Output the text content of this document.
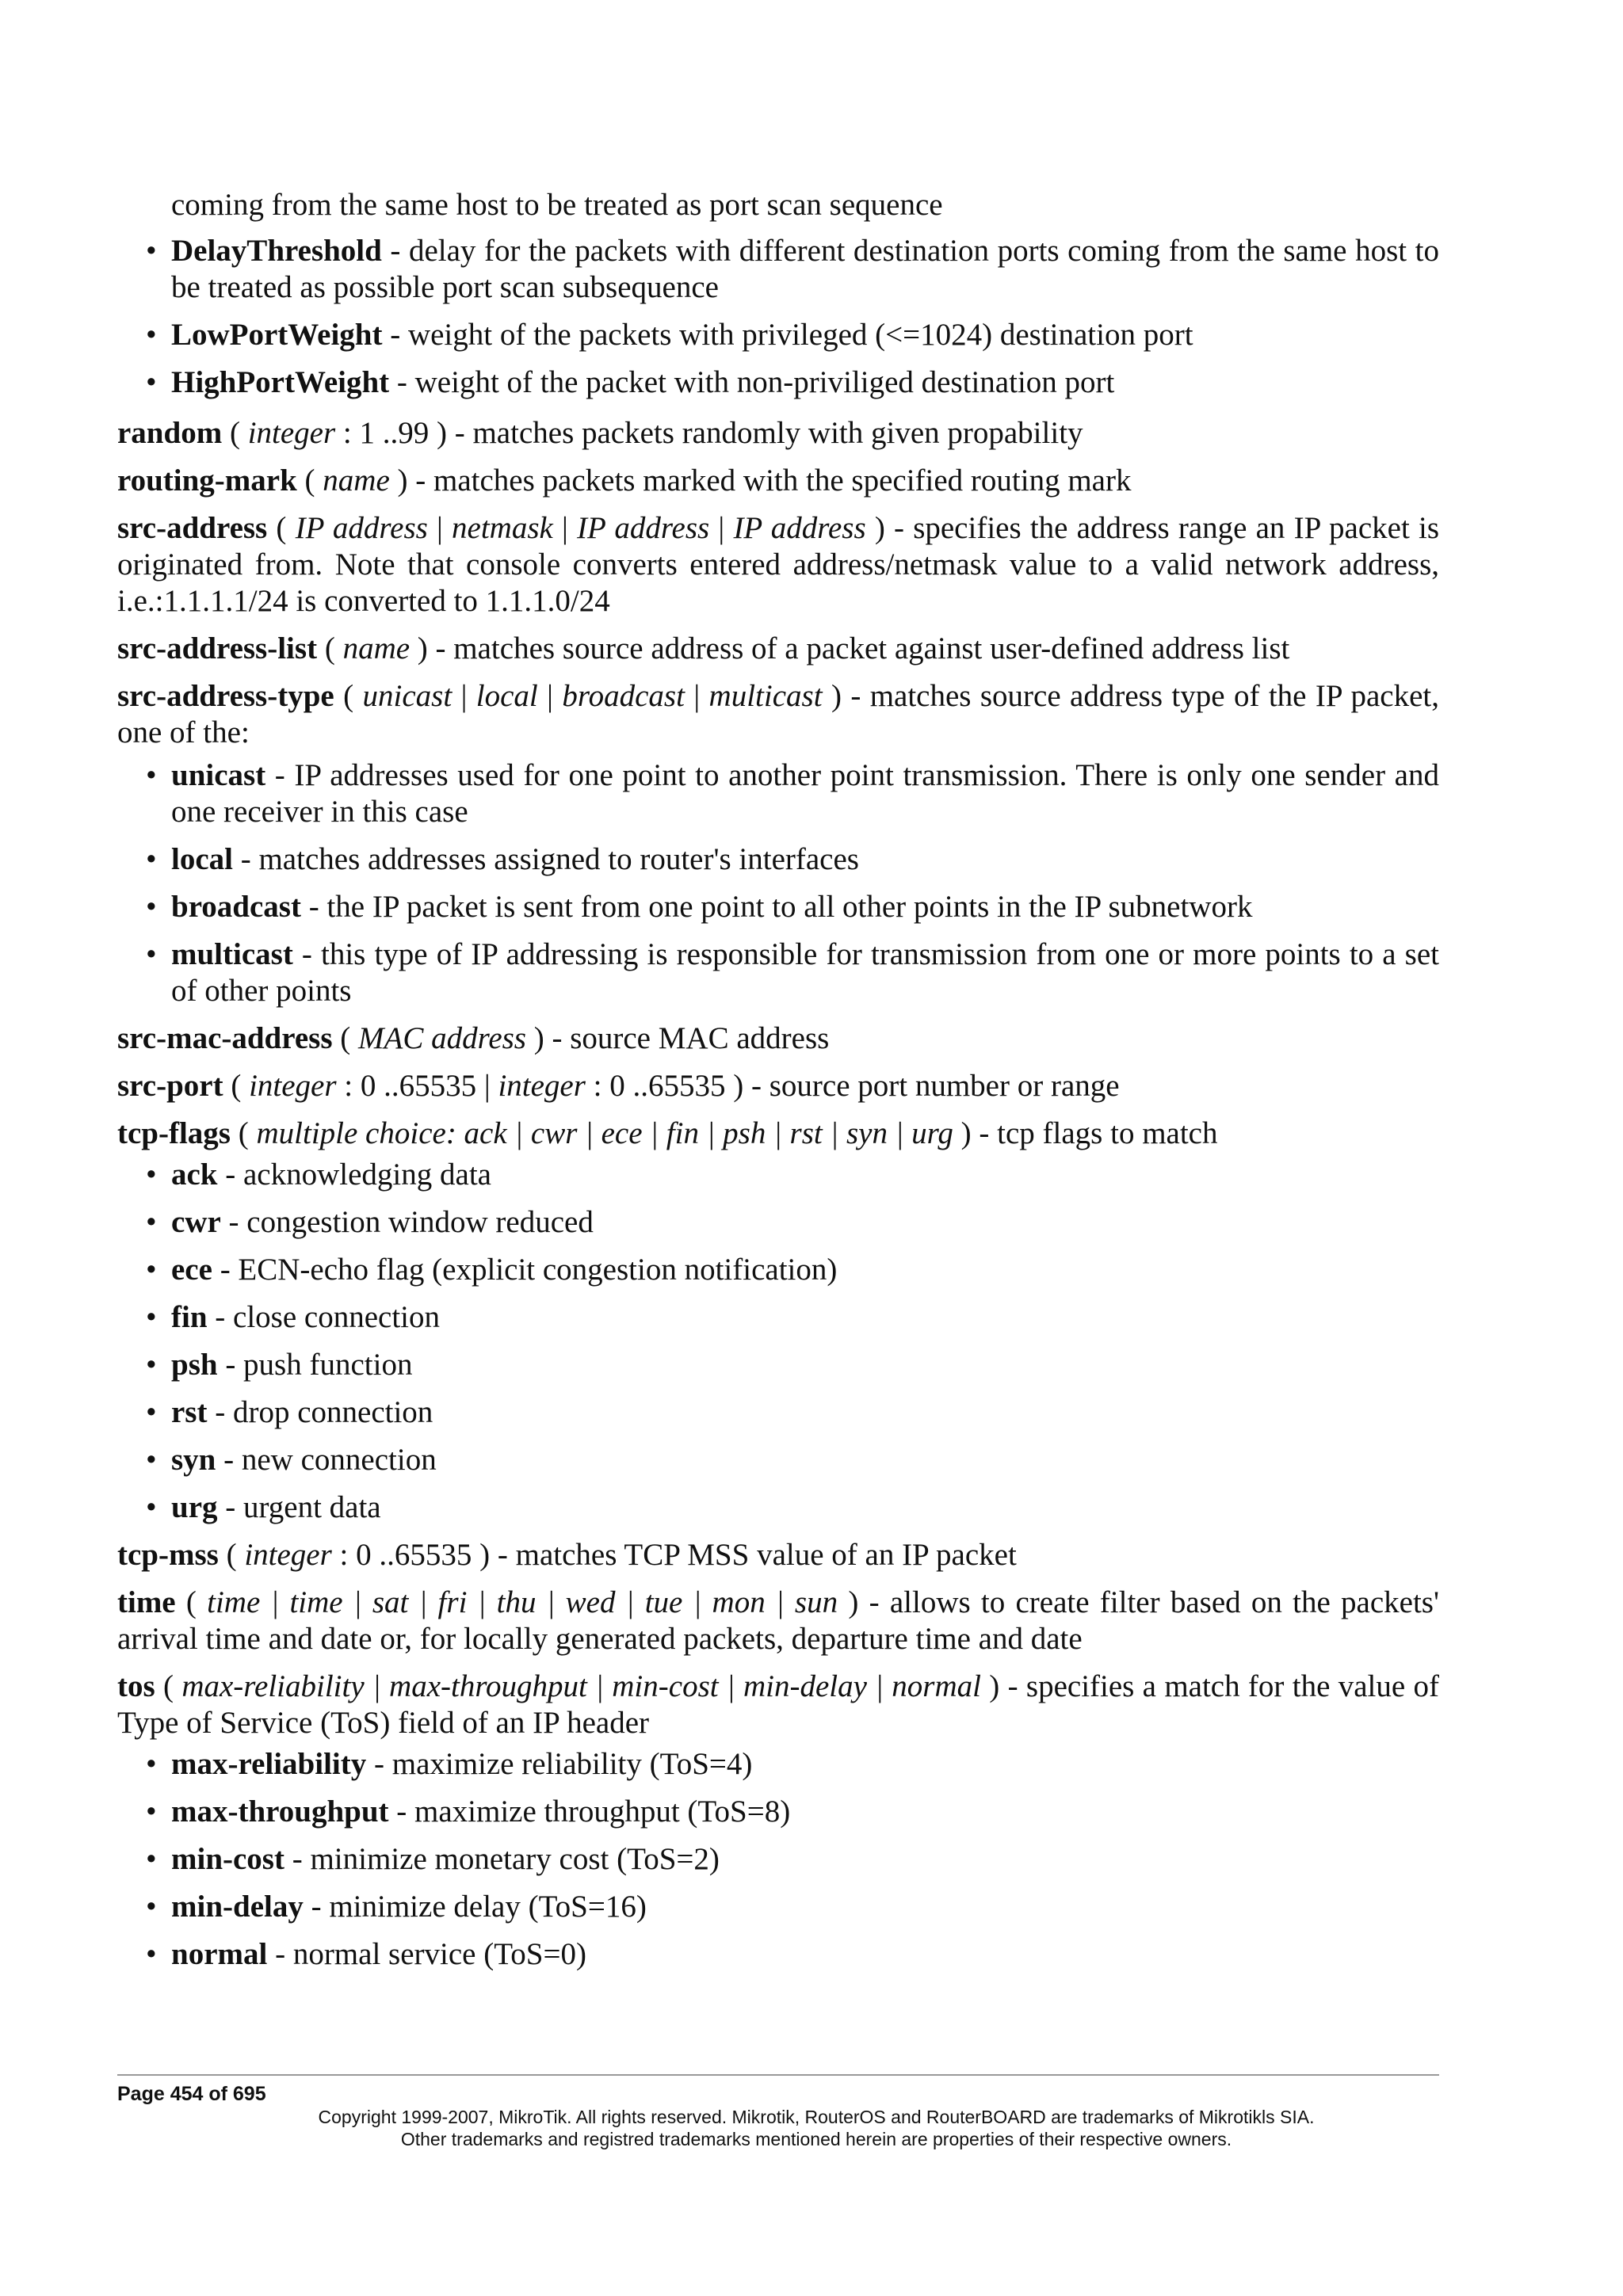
coming from the same host to be treated as port scan sequence
• DelayThreshold - delay for the packets with different destination ports coming from the same host to be treated as possible port scan subsequence
• LowPortWeight - weight of the packets with privileged (<=1024) destination port
• HighPortWeight - weight of the packet with non-priviliged destination port
random ( integer : 1 ..99 ) - matches packets randomly with given propability
routing-mark ( name ) - matches packets marked with the specified routing mark
src-address ( IP address | netmask | IP address | IP address ) - specifies the address range an IP packet is originated from. Note that console converts entered address/netmask value to a valid network address, i.e.:1.1.1.1/24 is converted to 1.1.1.0/24
src-address-list ( name ) - matches source address of a packet against user-defined address list
src-address-type ( unicast | local | broadcast | multicast ) - matches source address type of the IP packet, one of the:
• unicast - IP addresses used for one point to another point transmission. There is only one sender and one receiver in this case
• local - matches addresses assigned to router's interfaces
• broadcast - the IP packet is sent from one point to all other points in the IP subnetwork
• multicast - this type of IP addressing is responsible for transmission from one or more points to a set of other points
src-mac-address ( MAC address ) - source MAC address
src-port ( integer : 0 ..65535 | integer : 0 ..65535 ) - source port number or range
tcp-flags ( multiple choice: ack | cwr | ece | fin | psh | rst | syn | urg ) - tcp flags to match
• ack - acknowledging data
• cwr - congestion window reduced
• ece - ECN-echo flag (explicit congestion notification)
• fin - close connection
• psh - push function
• rst - drop connection
• syn - new connection
• urg - urgent data
tcp-mss ( integer : 0 ..65535 ) - matches TCP MSS value of an IP packet
time ( time | time | sat | fri | thu | wed | tue | mon | sun ) - allows to create filter based on the packets' arrival time and date or, for locally generated packets, departure time and date
tos ( max-reliability | max-throughput | min-cost | min-delay | normal ) - specifies a match for the value of Type of Service (ToS) field of an IP header
• max-reliability - maximize reliability (ToS=4)
• max-throughput - maximize throughput (ToS=8)
• min-cost - minimize monetary cost (ToS=2)
• min-delay - minimize delay (ToS=16)
• normal - normal service (ToS=0)
Page 454 of 695
Copyright 1999-2007, MikroTik. All rights reserved. Mikrotik, RouterOS and RouterBOARD are trademarks of Mikrotikls SIA.
Other trademarks and registred trademarks mentioned herein are properties of their respective owners.
